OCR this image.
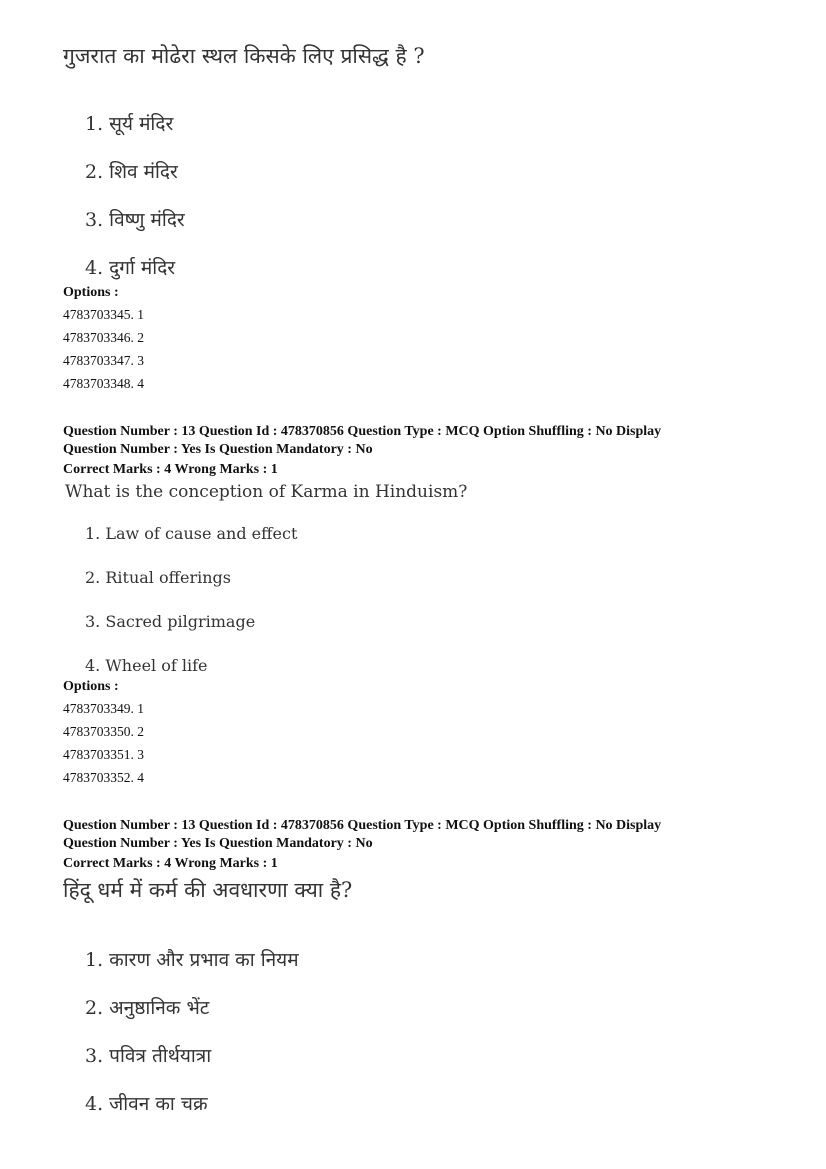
गुजरात का मोढेरा स्थल किसके लिए प्रसिद्ध है ?
1. सूर्य मंदिर
2. शिव मंदिर
3. विष्णु मंदिर
4. दुर्गा मंदिर
Options :
4783703345. 1
4783703346. 2
4783703347. 3
4783703348. 4
Question Number : 13 Question Id : 478370856 Question Type : MCQ Option Shuffling : No Display
Question Number : Yes Is Question Mandatory : No
Correct Marks : 4 Wrong Marks : 1
What is the conception of Karma in Hinduism?
1. Law of cause and effect
2. Ritual offerings
3. Sacred pilgrimage
4. Wheel of life
Options :
4783703349. 1
4783703350. 2
4783703351. 3
4783703352. 4
Question Number : 13 Question Id : 478370856 Question Type : MCQ Option Shuffling : No Display
Question Number : Yes Is Question Mandatory : No
Correct Marks : 4 Wrong Marks : 1
हिंदू धर्म में कर्म की अवधारणा क्या है?
1. कारण और प्रभाव का नियम
2. अनुष्ठानिक भेंट
3. पवित्र तीर्थयात्रा
4. जीवन का चक्र
